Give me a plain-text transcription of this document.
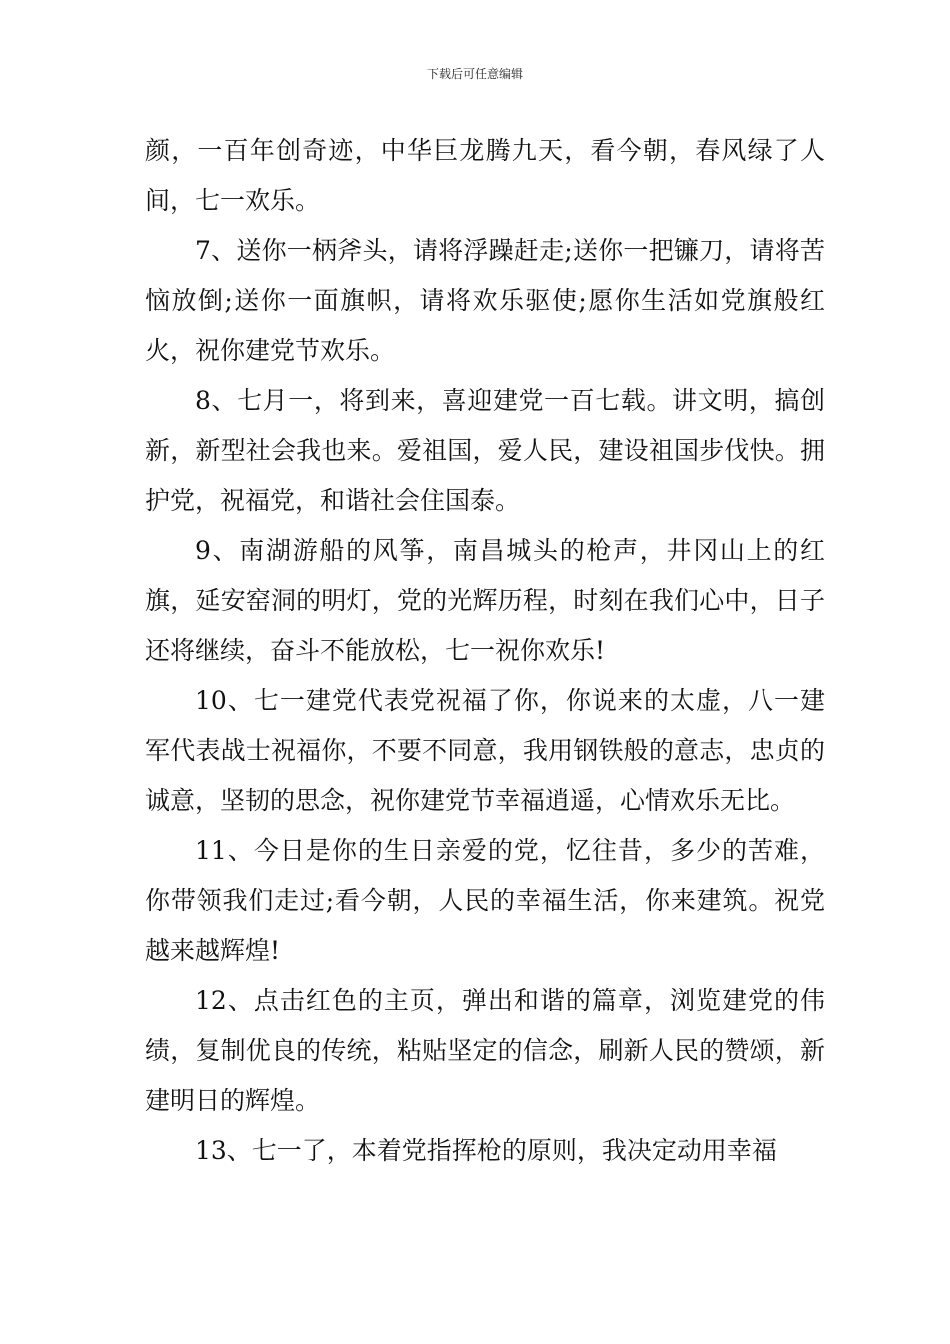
下载后可任意编辑

颜，一百年创奇迹，中华巨龙腾九天，看今朝，春风绿了人间，七一欢乐。

7、送你一柄斧头，请将浮躁赶走;送你一把镰刀，请将苦恼放倒;送你一面旗帜，请将欢乐驱使;愿你生活如党旗般红火，祝你建党节欢乐。

8、七月一，将到来，喜迎建党一百七载。讲文明，搞创新，新型社会我也来。爱祖国，爱人民，建设祖国步伐快。拥护党，祝福党，和谐社会住国泰。

9、南湖游船的风筝，南昌城头的枪声，井冈山上的红旗，延安窑洞的明灯，党的光辉历程，时刻在我们心中，日子还将继续，奋斗不能放松，七一祝你欢乐!

10、七一建党代表党祝福了你，你说来的太虚，八一建军代表战士祝福你，不要不同意，我用钢铁般的意志，忠贞的诚意，坚韧的思念，祝你建党节幸福逍遥，心情欢乐无比。

11、今日是你的生日亲爱的党，忆往昔，多少的苦难，你带领我们走过;看今朝，人民的幸福生活，你来建筑。祝党越来越辉煌!

12、点击红色的主页，弹出和谐的篇章，浏览建党的伟绩，复制优良的传统，粘贴坚定的信念，刷新人民的赞颂，新建明日的辉煌。

13、七一了，本着党指挥枪的原则，我决定动用幸福
